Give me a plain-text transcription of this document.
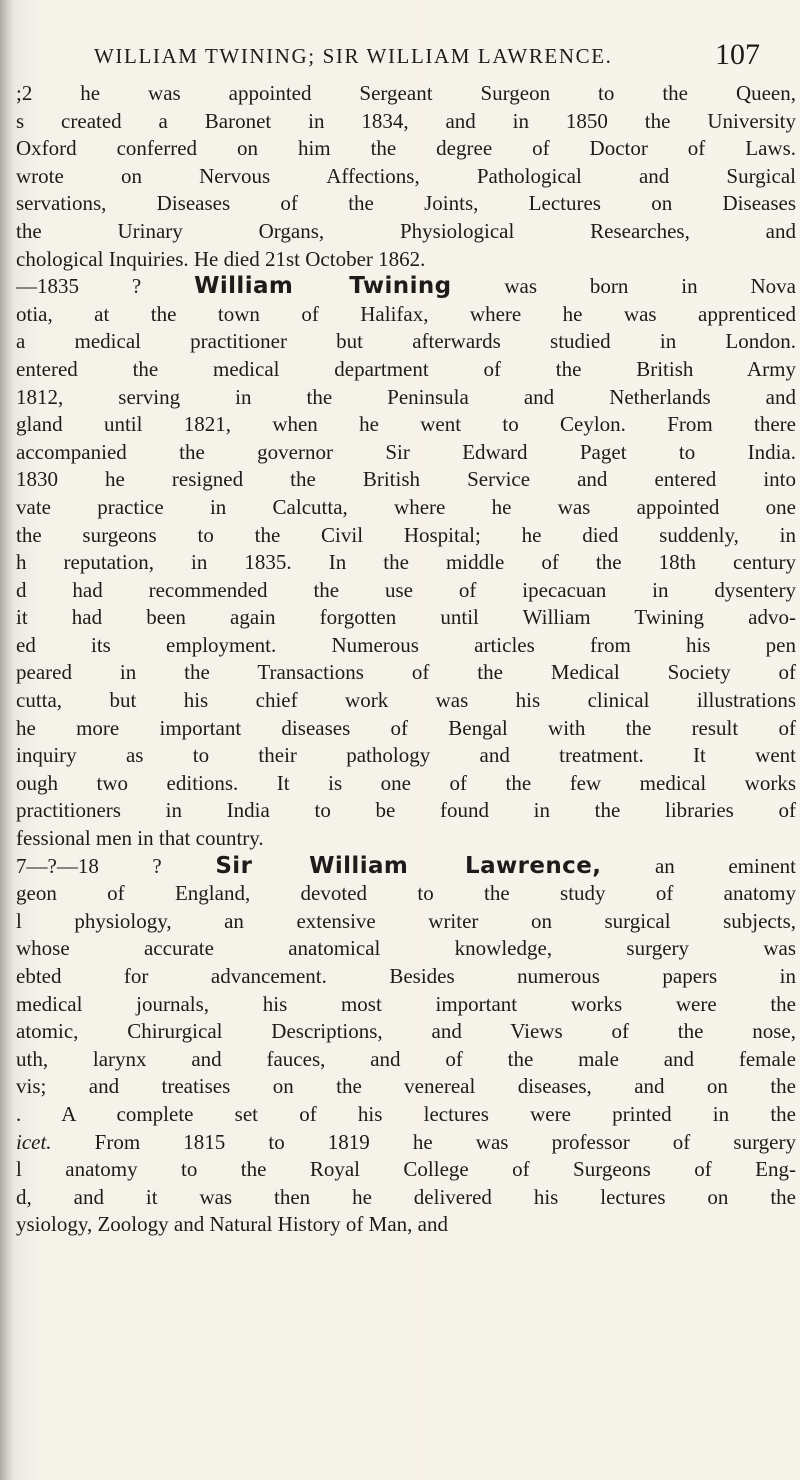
WILLIAM TWINING; SIR WILLIAM LAWRENCE.	107
;2 he was appointed Sergeant Surgeon to the Queen,
s created a Baronet in 1834, and in 1850 the University
Oxford conferred on him the degree of Doctor of Laws.
wrote on Nervous Affections, Pathological and Surgical
servations, Diseases of the Joints, Lectures on Diseases
the Urinary Organs, Physiological Researches, and
chological Inquiries. He died 21st October 1862.
—1835 ? William Twining was born in Nova
otia, at the town of Halifax, where he was apprenticed
a medical practitioner but afterwards studied in London.
entered the medical department of the British Army
1812, serving in the Peninsula and Netherlands and
gland until 1821, when he went to Ceylon. From there
accompanied the governor Sir Edward Paget to India.
1830 he resigned the British Service and entered into
vate practice in Calcutta, where he was appointed one
the surgeons to the Civil Hospital; he died suddenly, in
h reputation, in 1835. In the middle of the 18th century
d had recommended the use of ipecacuan in dysentery
it had been again forgotten until William Twining advo-
ed its employment. Numerous articles from his pen
peared in the Transactions of the Medical Society of
cutta, but his chief work was his clinical illustrations
he more important diseases of Bengal with the result of
inquiry as to their pathology and treatment. It went
ough two editions. It is one of the few medical works
practitioners in India to be found in the libraries of
fessional men in that country.
7—?—18 ? Sir William Lawrence, an eminent
geon of England, devoted to the study of anatomy
l physiology, an extensive writer on surgical subjects,
whose accurate anatomical knowledge, surgery was
ebted for advancement. Besides numerous papers in
medical journals, his most important works were the
atomic, Chirurgical Descriptions, and Views of the nose,
uth, larynx and fauces, and of the male and female
vis; and treatises on the venereal diseases, and on the
. A complete set of his lectures were printed in the
icet. From 1815 to 1819 he was professor of surgery
l anatomy to the Royal College of Surgeons of Eng-
d, and it was then he delivered his lectures on the
ysiology, Zoology and Natural History of Man, and
